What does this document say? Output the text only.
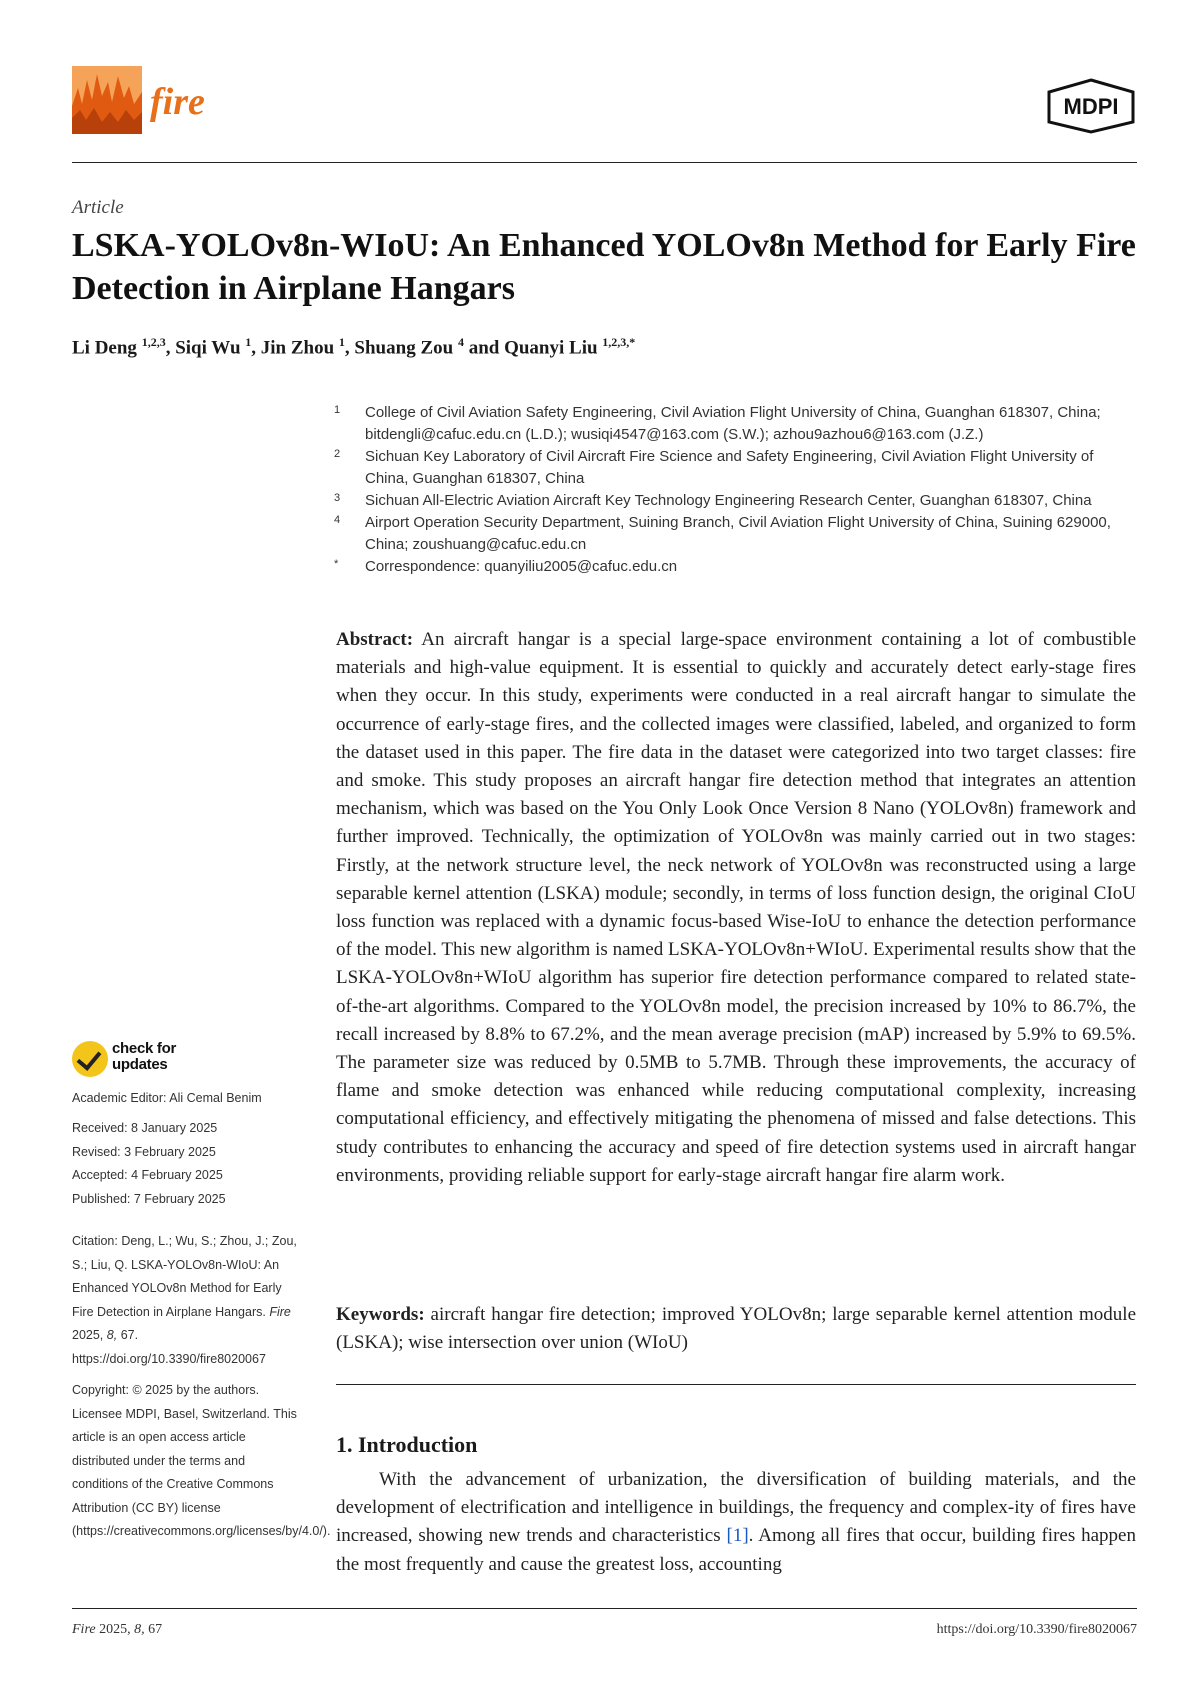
fire	MDPI
Article
LSKA-YOLOv8n-WIoU: An Enhanced YOLOv8n Method for Early Fire Detection in Airplane Hangars
Li Deng $^{1,2,3}$, Siqi Wu $^1$, Jin Zhou $^1$, Shuang Zou $^4$ and Quanyi Liu $^{1,2,3,*}$
1 College of Civil Aviation Safety Engineering, Civil Aviation Flight University of China, Guanghan 618307, China; bitdengli@cafuc.edu.cn (L.D.); wusiqi4547@163.com (S.W.); azhou9azhou6@163.com (J.Z.)
2 Sichuan Key Laboratory of Civil Aircraft Fire Science and Safety Engineering, Civil Aviation Flight University of China, Guanghan 618307, China
3 Sichuan All-Electric Aviation Aircraft Key Technology Engineering Research Center, Guanghan 618307, China
4 Airport Operation Security Department, Suining Branch, Civil Aviation Flight University of China, Suining 629000, China; zoushuang@cafuc.edu.cn
* Correspondence: quanyiliu2005@cafuc.edu.cn
Abstract: An aircraft hangar is a special large-space environment containing a lot of combustible materials and high-value equipment. It is essential to quickly and accurately detect early-stage fires when they occur. In this study, experiments were conducted in a real aircraft hangar to simulate the occurrence of early-stage fires, and the collected images were classified, labeled, and organized to form the dataset used in this paper. The fire data in the dataset were categorized into two target classes: fire and smoke. This study proposes an aircraft hangar fire detection method that integrates an attention mechanism, which was based on the You Only Look Once Version 8 Nano (YOLOv8n) framework and further improved. Technically, the optimization of YOLOv8n was mainly carried out in two stages: Firstly, at the network structure level, the neck network of YOLOv8n was reconstructed using a large separable kernel attention (LSKA) module; secondly, in terms of loss function design, the original CIoU loss function was replaced with a dynamic focus-based Wise-IoU to enhance the detection performance of the model. This new algorithm is named LSKA-YOLOv8n+WIoU. Experimental results show that the LSKA-YOLOv8n+WIoU algorithm has superior fire detection performance compared to related state-of-the-art algorithms. Compared to the YOLOv8n model, the precision increased by 10% to 86.7%, the recall increased by 8.8% to 67.2%, and the mean average precision (mAP) increased by 5.9% to 69.5%. The parameter size was reduced by 0.5MB to 5.7MB. Through these improvements, the accuracy of flame and smoke detection was enhanced while reducing computational complexity, increasing computational efficiency, and effectively mitigating the phenomena of missed and false detections. This study contributes to enhancing the accuracy and speed of fire detection systems used in aircraft hangar environments, providing reliable support for early-stage aircraft hangar fire alarm work.
Keywords: aircraft hangar fire detection; improved YOLOv8n; large separable kernel attention module (LSKA); wise intersection over union (WIoU)
1. Introduction
With the advancement of urbanization, the diversification of building materials, and the development of electrification and intelligence in buildings, the frequency and complex-ity of fires have increased, showing new trends and characteristics [1]. Among all fires that occur, building fires happen the most frequently and cause the greatest loss, accounting
check for
updates
Academic Editor: Ali Cemal Benim
Received: 8 January 2025
Revised: 3 February 2025
Accepted: 4 February 2025
Published: 7 February 2025
Citation: Deng, L.; Wu, S.; Zhou, J.; Zou, S.; Liu, Q. LSKA-YOLOv8n-WIoU: An Enhanced YOLOv8n Method for Early Fire Detection in Airplane Hangars. Fire 2025, 8, 67. https://doi.org/10.3390/fire8020067
Copyright: © 2025 by the authors. Licensee MDPI, Basel, Switzerland. This article is an open access article distributed under the terms and conditions of the Creative Commons Attribution (CC BY) license (https://creativecommons.org/licenses/by/4.0/).
Fire 2025, 8, 67	https://doi.org/10.3390/fire8020067
